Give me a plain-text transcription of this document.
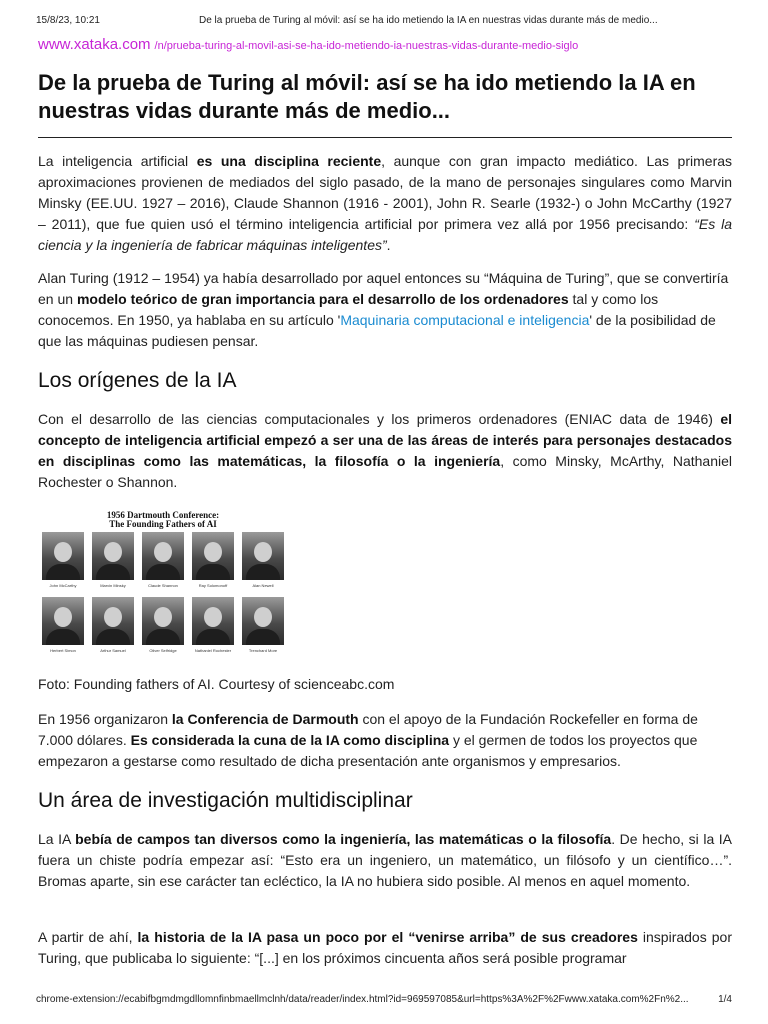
15/8/23, 10:21	De la prueba de Turing al móvil: así se ha ido metiendo la IA en nuestras vidas durante más de medio...
www.xataka.com /n/prueba-turing-al-movil-asi-se-ha-ido-metiendo-ia-nuestras-vidas-durante-medio-siglo
De la prueba de Turing al móvil: así se ha ido metiendo la IA en nuestras vidas durante más de medio...

La inteligencia artificial es una disciplina reciente, aunque con gran impacto mediático. Las primeras aproximaciones provienen de mediados del siglo pasado, de la mano de personajes singulares como Marvin Minsky (EE.UU. 1927 – 2016), Claude Shannon (1916 - 2001), John R. Searle (1932-) o John McCarthy (1927 – 2011), que fue quien usó el término inteligencia artificial por primera vez allá por 1956 precisando: “Es la ciencia y la ingeniería de fabricar máquinas inteligentes”.

Alan Turing (1912 – 1954) ya había desarrollado por aquel entonces su “Máquina de Turing”, que se convertiría en un modelo teórico de gran importancia para el desarrollo de los ordenadores tal y como los conocemos. En 1950, ya hablaba en su artículo 'Maquinaria computacional e inteligencia' de la posibilidad de que las máquinas pudiesen pensar.

Los orígenes de la IA

Con el desarrollo de las ciencias computacionales y los primeros ordenadores (ENIAC data de 1946) el concepto de inteligencia artificial empezó a ser una de las áreas de interés para personajes destacados en disciplinas como las matemáticas, la filosofía o la ingeniería, como Minsky, McArthy, Nathaniel Rochester o Shannon.

1956 Dartmouth Conference:
The Founding Fathers of AI
John McCarthy	Marvin Minsky	Claude Shannon	Ray Solomonoff	Alan Newell
Herbert Simon	Arthur Samuel	Oliver Selfridge	Nathaniel Rochester	Trenchard More

Foto: Founding fathers of AI. Courtesy of scienceabc.com

En 1956 organizaron la Conferencia de Darmouth con el apoyo de la Fundación Rockefeller en forma de 7.000 dólares. Es considerada la cuna de la IA como disciplina y el germen de todos los proyectos que empezaron a gestarse como resultado de dicha presentación ante organismos y empresarios.

Un área de investigación multidisciplinar

La IA bebía de campos tan diversos como la ingeniería, las matemáticas o la filosofía. De hecho, si la IA fuera un chiste podría empezar así: “Esto era un ingeniero, un matemático, un filósofo y un científico…”. Bromas aparte, sin ese carácter tan ecléctico, la IA no hubiera sido posible. Al menos en aquel momento.

A partir de ahí, la historia de la IA pasa un poco por el “venirse arriba” de sus creadores inspirados por Turing, que publicaba lo siguiente: “[...] en los próximos cincuenta años será posible programar

chrome-extension://ecabifbgmdmgdllomnfinbmaellmclnh/data/reader/index.html?id=969597085&url=https%3A%2F%2Fwww.xataka.com%2Fn%2...	1/4
